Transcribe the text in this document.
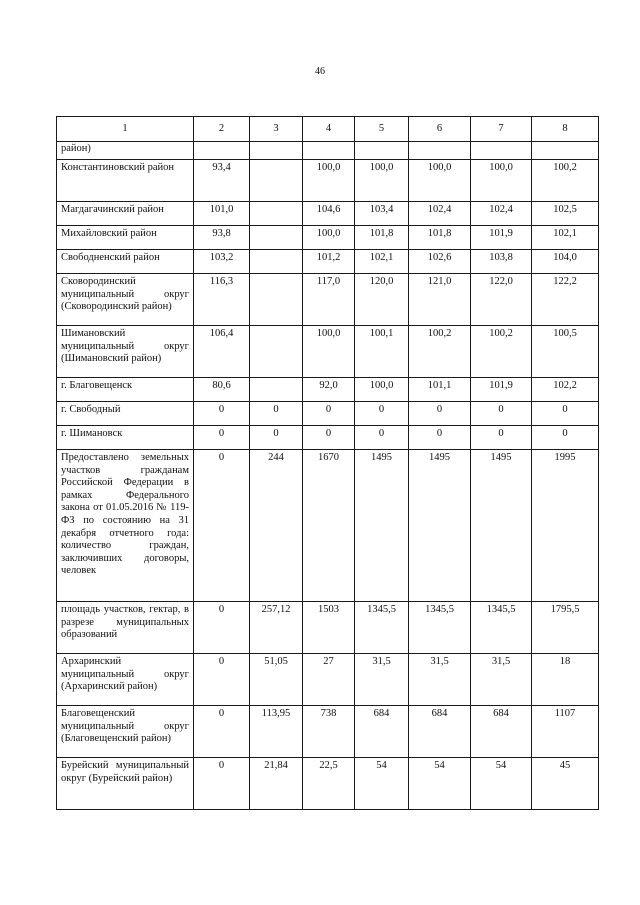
46
1	2	3	4	5	6	7	8
район)							
Константиновский район	93,4		100,0	100,0	100,0	100,0	100,2
Магдагачинский район	101,0		104,6	103,4	102,4	102,4	102,5
Михайловский район	93,8		100,0	101,8	101,8	101,9	102,1
Свободненский район	103,2		101,2	102,1	102,6	103,8	104,0
Сковородинский муниципальный округ (Сковородинский район)	116,3		117,0	120,0	121,0	122,0	122,2
Шимановский муниципальный округ (Шимановский район)	106,4		100,0	100,1	100,2	100,2	100,5
г. Благовещенск	80,6		92,0	100,0	101,1	101,9	102,2
г. Свободный	0	0	0	0	0	0	0
г. Шимановск	0	0	0	0	0	0	0
Предоставлено земельных участков гражданам Российской Федерации в рамках Федерального закона от 01.05.2016 № 119-ФЗ по состоянию на 31 декабря отчетного года: количество граждан, заключивших договоры, человек	0	244	1670	1495	1495	1495	1995
площадь участков, гектар, в разрезе муниципальных образований	0	257,12	1503	1345,5	1345,5	1345,5	1795,5
Архаринский муниципальный округ (Архаринский район)	0	51,05	27	31,5	31,5	31,5	18
Благовещенский муниципальный округ (Благовещенский район)	0	113,95	738	684	684	684	1107
Бурейский муниципальный округ (Бурейский район)	0	21,84	22,5	54	54	54	45
